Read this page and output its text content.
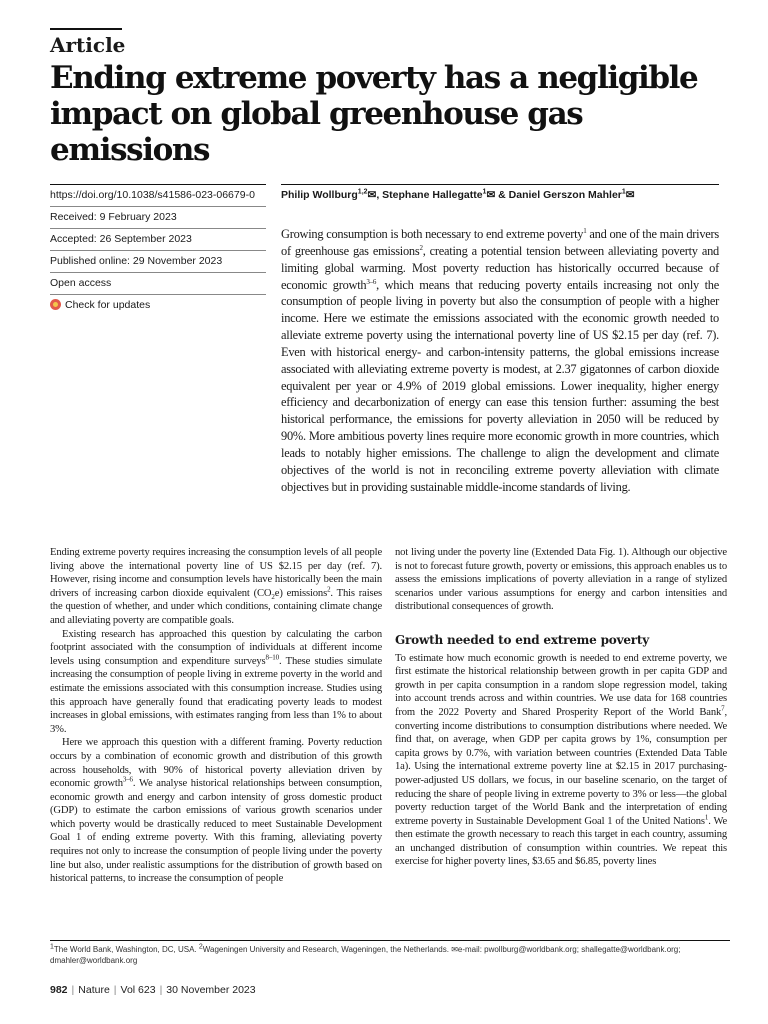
Article
Ending extreme poverty has a negligible impact on global greenhouse gas emissions
https://doi.org/10.1038/s41586-023-06679-0
Received: 9 February 2023
Accepted: 26 September 2023
Published online: 29 November 2023
Open access
Check for updates
Philip Wollburg$^{1,2}$✉, Stephane Hallegatte$^1$✉ & Daniel Gerszon Mahler$^1$✉

Growing consumption is both necessary to end extreme poverty$^1$ and one of the main drivers of greenhouse gas emissions$^2$, creating a potential tension between alleviating poverty and limiting global warming. Most poverty reduction has historically occurred because of economic growth$^{3-6}$, which means that reducing poverty entails increasing not only the consumption of people living in poverty but also the consumption of people with a higher income. Here we estimate the emissions associated with the economic growth needed to alleviate extreme poverty using the international poverty line of US $2.15 per day (ref. 7). Even with historical energy- and carbon-intensity patterns, the global emissions increase associated with alleviating extreme poverty is modest, at 2.37 gigatonnes of carbon dioxide equivalent per year or 4.9% of 2019 global emissions. Lower inequality, higher energy efficiency and decarbonization of energy can ease this tension further: assuming the best historical performance, the emissions for poverty alleviation in 2050 will be reduced by 90%. More ambitious poverty lines require more economic growth in more countries, which leads to notably higher emissions. The challenge to align the development and climate objectives of the world is not in reconciling extreme poverty alleviation with climate objectives but in providing sustainable middle-income standards of living.

Ending extreme poverty requires increasing the consumption levels of all people living above the international poverty line of US $2.15 per day (ref. 7). However, rising income and consumption levels have historically been the main drivers of increasing carbon dioxide equivalent $(CO_2e)$ emissions$^2$. This raises the question of whether, and under which conditions, containing climate change and alleviating poverty are compatible goals.

Existing research has approached this question by calculating the carbon footprint associated with the consumption of individuals at different income levels using consumption and expenditure surveys$^{8-10}$. These studies simulate increasing the consumption of people living in extreme poverty in the world and estimate the emissions associated with this consumption increase. Studies using this approach have generally found that eradicating poverty leads to modest increases in global emissions, with estimates ranging from less than 1% to about 3%.

Here we approach this question with a different framing. Poverty reduction occurs by a combination of economic growth and distribution of this growth across households, with 90% of historical poverty alleviation driven by economic growth$^{3-6}$. We analyse historical relationships between consumption, economic growth and energy and carbon intensity of gross domestic product (GDP) to estimate the carbon emissions of various growth scenarios under which poverty would be drastically reduced to meet Sustainable Development Goal 1 of ending extreme poverty. With this framing, alleviating poverty requires not only to increase the consumption of people living under the poverty line but also, under realistic assumptions for the distribution of growth based on historical patterns, to increase the consumption of people

not living under the poverty line (Extended Data Fig. 1). Although our objective is not to forecast future growth, poverty or emissions, this approach enables us to assess the emissions implications of poverty alleviation in a range of stylized scenarios under various assumptions for energy and carbon intensities and distributional consequences of growth.

Growth needed to end extreme poverty

To estimate how much economic growth is needed to end extreme poverty, we first estimate the historical relationship between growth in per capita GDP and growth in per capita consumption in a random slope regression model, taking into account trends across and within countries. We use data for 168 countries from the 2022 Poverty and Shared Prosperity Report of the World Bank$^7$, converting income distributions to consumption distributions where needed. We find that, on average, when GDP per capita grows by 1%, consumption per capita grows by 0.7%, with variation between countries (Extended Data Table 1a). Using the international extreme poverty line at $2.15 in 2017 purchasing-power-adjusted US dollars, we focus, in our baseline scenario, on the target of reducing the share of people living in extreme poverty to 3% or less—the global poverty reduction target of the World Bank and the interpretation of ending extreme poverty in Sustainable Development Goal 1 of the United Nations$^1$. We then estimate the growth necessary to reach this target in each country, assuming an unchanged distribution of consumption within countries. We repeat this exercise for higher poverty lines, $3.65 and $6.85, poverty lines

$^1$The World Bank, Washington, DC, USA. $^2$Wageningen University and Research, Wageningen, the Netherlands. ✉e-mail: pwollburg@worldbank.org; shallegatte@worldbank.org; dmahler@worldbank.org
982 | Nature | Vol 623 | 30 November 2023
